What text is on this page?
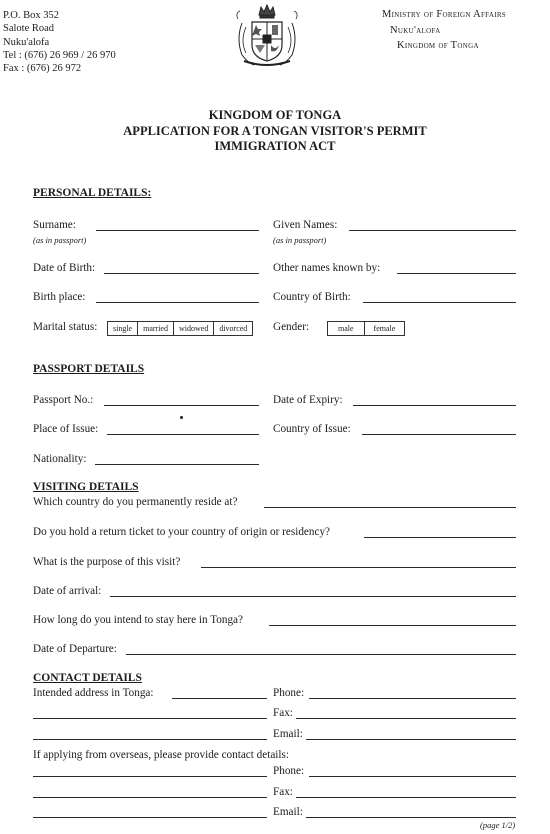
P.O. Box 352
Salote Road
Nuku'alofa
Tel : (676) 26 969 / 26 970
Fax : (676) 26 972
Ministry of Foreign Affairs
Nuku'alofa
Kingdom of Tonga
KINGDOM OF TONGA
APPLICATION FOR A TONGAN VISITOR'S PERMIT
IMMIGRATION ACT
PERSONAL DETAILS:
Surname:
(as in passport)
Given Names:
(as in passport)
Date of Birth:	Other names known by:
Birth place:	Country of Birth:
Marital status:	single	married	widowed	divorced	Gender:	male	female
PASSPORT DETAILS
Passport No.:	Date of Expiry:
Place of Issue:	Country of Issue:
Nationality:
VISITING DETAILS
Which country do you permanently reside at?
Do you hold a return ticket to your country of origin or residency?
What is the purpose of this visit?
Date of arrival:
How long do you intend to stay here in Tonga?
Date of Departure:
CONTACT DETAILS
Intended address in Tonga:	Phone:
Fax:
Email:
If applying from overseas, please provide contact details:
Phone:
Fax:
Email:
(page 1/2)
